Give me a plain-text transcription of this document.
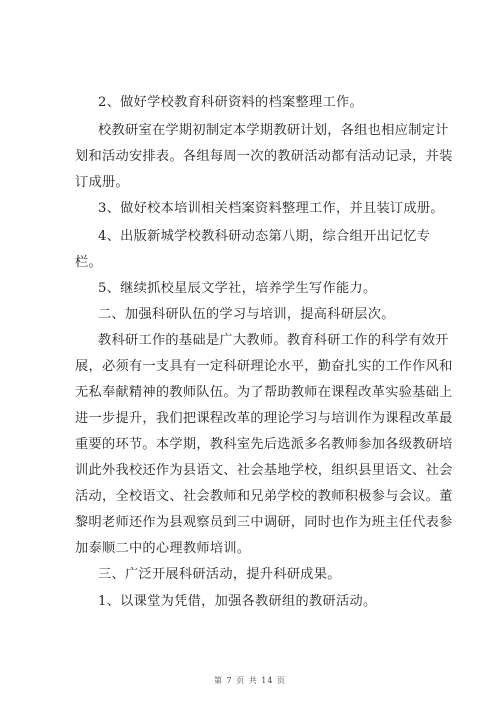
2、做好学校教育科研资料的档案整理工作。
校教研室在学期初制定本学期教研计划，各组也相应制定计
划和活动安排表。各组每周一次的教研活动都有活动记录，并装
订成册。
3、做好校本培训相关档案资料整理工作，并且装订成册。
4、出版新城学校教科研动态第八期，综合组开出记忆专
栏。
5、继续抓校星辰文学社，培养学生写作能力。
二、加强科研队伍的学习与培训，提高科研层次。
教科研工作的基础是广大教师。教育科研工作的科学有效开
展，必须有一支具有一定科研理论水平，勤奋扎实的工作作风和
无私奉献精神的教师队伍。为了帮助教师在课程改革实验基础上
进一步提升，我们把课程改革的理论学习与培训作为课程改革最
重要的环节。本学期，教科室先后选派多名教师参加各级教研培
训此外我校还作为县语文、社会基地学校，组织县里语文、社会
活动，全校语文、社会教师和兄弟学校的教师积极参与会议。董
黎明老师还作为县观察员到三中调研，同时也作为班主任代表参
加泰顺二中的心理教师培训。
三、广泛开展科研活动，提升科研成果。
1、以课堂为凭借，加强各教研组的教研活动。
第 7 页 共 14 页
